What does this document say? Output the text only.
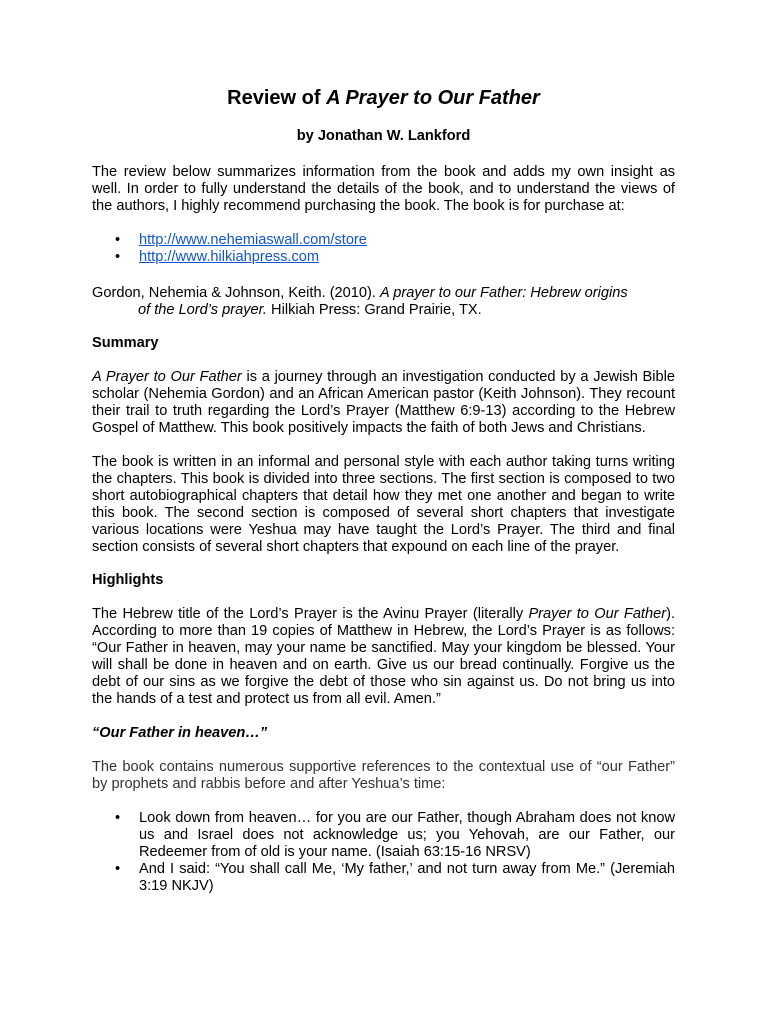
Review of A Prayer to Our Father

by Jonathan W. Lankford

The review below summarizes information from the book and adds my own insight as well. In order to fully understand the details of the book, and to understand the views of the authors, I highly recommend purchasing the book. The book is for purchase at:

• http://www.nehemiaswall.com/store
• http://www.hilkiahpress.com

Gordon, Nehemia & Johnson, Keith. (2010). A prayer to our Father: Hebrew origins
of the Lord’s prayer. Hilkiah Press: Grand Prairie, TX.

Summary

A Prayer to Our Father is a journey through an investigation conducted by a Jewish Bible scholar (Nehemia Gordon) and an African American pastor (Keith Johnson). They recount their trail to truth regarding the Lord’s Prayer (Matthew 6:9-13) according to the Hebrew Gospel of Matthew. This book positively impacts the faith of both Jews and Christians.

The book is written in an informal and personal style with each author taking turns writing the chapters. This book is divided into three sections. The first section is composed to two short autobiographical chapters that detail how they met one another and began to write this book. The second section is composed of several short chapters that investigate various locations were Yeshua may have taught the Lord’s Prayer. The third and final section consists of several short chapters that expound on each line of the prayer.

Highlights

The Hebrew title of the Lord’s Prayer is the Avinu Prayer (literally Prayer to Our Father). According to more than 19 copies of Matthew in Hebrew, the Lord’s Prayer is as follows: “Our Father in heaven, may your name be sanctified. May your kingdom be blessed. Your will shall be done in heaven and on earth. Give us our bread continually. Forgive us the debt of our sins as we forgive the debt of those who sin against us. Do not bring us into the hands of a test and protect us from all evil. Amen.”

“Our Father in heaven…”

The book contains numerous supportive references to the contextual use of “our Father” by prophets and rabbis before and after Yeshua’s time:

• Look down from heaven… for you are our Father, though Abraham does not know us and Israel does not acknowledge us; you Yehovah, are our Father, our Redeemer from of old is your name. (Isaiah 63:15-16 NRSV)
• And I said: “You shall call Me, ‘My father,’ and not turn away from Me.” (Jeremiah 3:19 NKJV)
